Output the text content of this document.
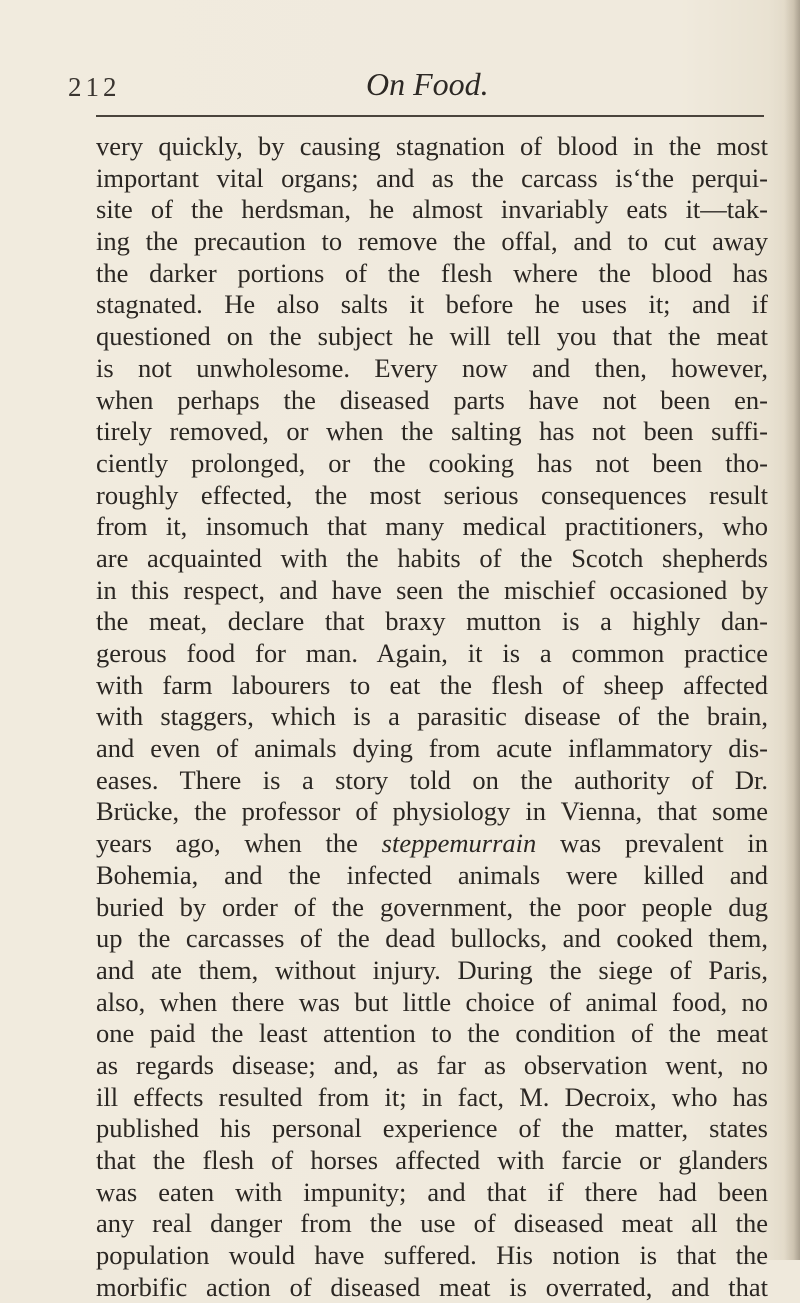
212	On Food.
very quickly, by causing stagnation of blood in the most
important vital organs; and as the carcass isʻthe perqui-
site of the herdsman, he almost invariably eats it—tak-
ing the precaution to remove the offal, and to cut away
the darker portions of the flesh where the blood has
stagnated. He also salts it before he uses it; and if
questioned on the subject he will tell you that the meat
is not unwholesome. Every now and then, however,
when perhaps the diseased parts have not been en-
tirely removed, or when the salting has not been suffi-
ciently prolonged, or the cooking has not been tho-
roughly effected, the most serious consequences result
from it, insomuch that many medical practitioners, who
are acquainted with the habits of the Scotch shepherds
in this respect, and have seen the mischief occasioned by
the meat, declare that braxy mutton is a highly dan-
gerous food for man. Again, it is a common practice
with farm labourers to eat the flesh of sheep affected
with staggers, which is a parasitic disease of the brain,
and even of animals dying from acute inflammatory dis-
eases. There is a story told on the authority of Dr.
Brücke, the professor of physiology in Vienna, that some
years ago, when the steppemurrain was prevalent in
Bohemia, and the infected animals were killed and
buried by order of the government, the poor people dug
up the carcasses of the dead bullocks, and cooked them,
and ate them, without injury. During the siege of Paris,
also, when there was but little choice of animal food, no
one paid the least attention to the condition of the meat
as regards disease; and, as far as observation went, no
ill effects resulted from it; in fact, M. Decroix, who has
published his personal experience of the matter, states
that the flesh of horses affected with farcie or glanders
was eaten with impunity; and that if there had been
any real danger from the use of diseased meat all the
population would have suffered. His notion is that the
morbific action of diseased meat is overrated, and that
